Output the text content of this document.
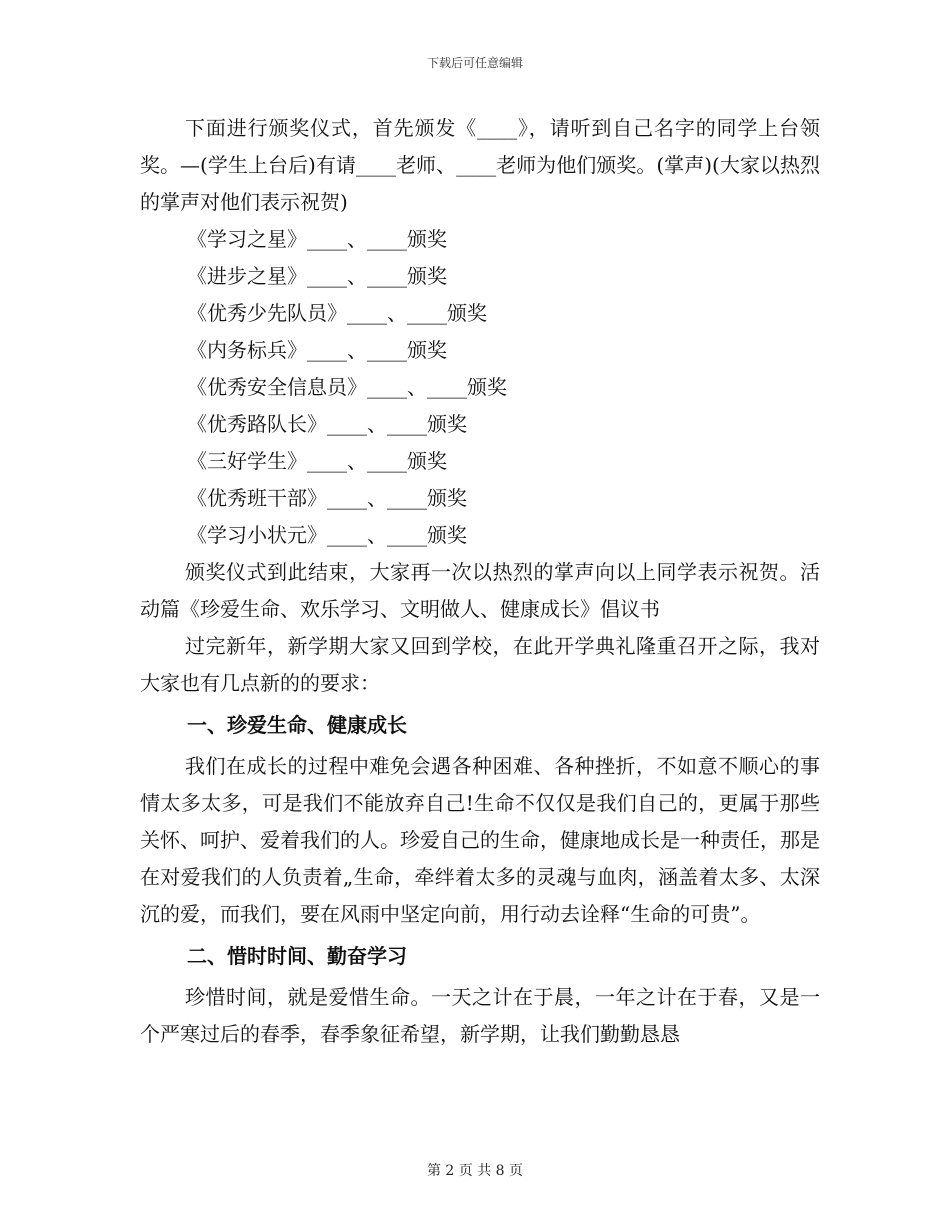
下载后可任意编辑

下面进行颁奖仪式，首先颁发《____》，请听到自己名字的同学上台领奖。—(学生上台后)有请____老师、____老师为他们颁奖。(掌声)(大家以热烈的掌声对他们表示祝贺)

《学习之星》____、____颁奖
《进步之星》____、____颁奖
《优秀少先队员》____、____颁奖
《内务标兵》____、____颁奖
《优秀安全信息员》____、____颁奖
《优秀路队长》____、____颁奖
《三好学生》____、____颁奖
《优秀班干部》____、____颁奖
《学习小状元》____、____颁奖

颁奖仪式到此结束，大家再一次以热烈的掌声向以上同学表示祝贺。活动篇《珍爱生命、欢乐学习、文明做人、健康成长》倡议书

过完新年，新学期大家又回到学校，在此开学典礼隆重召开之际，我对大家也有几点新的的要求：

一、珍爱生命、健康成长

我们在成长的过程中难免会遇各种困难、各种挫折，不如意不顺心的事情太多太多，可是我们不能放弃自己!生命不仅仅是我们自己的，更属于那些关怀、呵护、爱着我们的人。珍爱自己的生命，健康地成长是一种责任，那是在对爱我们的人负责着„生命，牵绊着太多的灵魂与血肉，涵盖着太多、太深沉的爱，而我们，要在风雨中坚定向前，用行动去诠释“生命的可贵”。

二、惜时时间、勤奋学习

珍惜时间，就是爱惜生命。一天之计在于晨，一年之计在于春，又是一个严寒过后的春季，春季象征希望，新学期，让我们勤勤恳恳

第 2 页 共 8 页
